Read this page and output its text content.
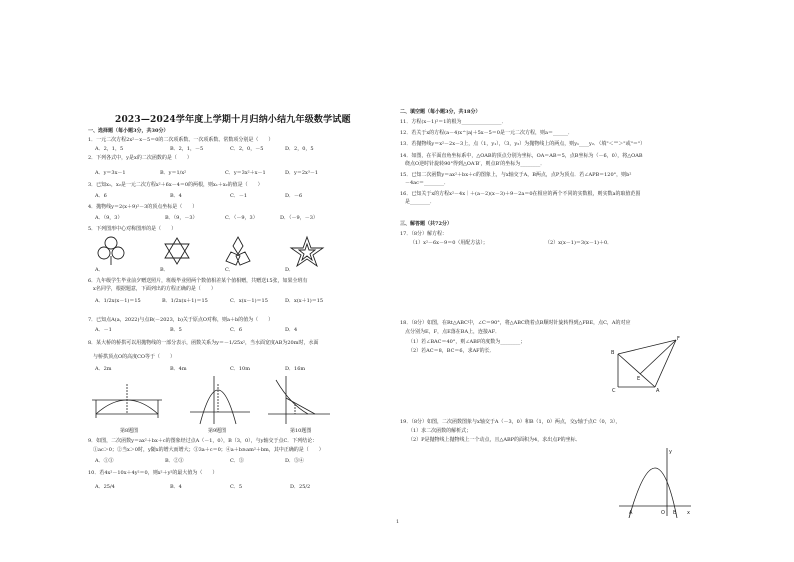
2023—2024学年度上学期十月归纳小结九年级数学试题
一、选择题（每小题3分，共30分）
1．一元二次方程2x²－x－5＝0的二次项系数、一次项系数、常数项分别是（　　）
A．2，1，5	B．2，1，－5	C．2，0，－5	D．2，0，5
2．下列各式中，y是x的二次函数的是（　　）
A．y＝3x－1	B．y＝1/x²	C．y＝3x²＋x－1	D．y＝2x³－1
3．已知x₁，x₂是一元二次方程x²＋6x－4＝0的两根，则x₁＋x₂的值是（　　）
A．6	B．4	C．－1	D．－6
4．抛物线y＝2(x＋9)²－3的顶点坐标是（　　）
A．（9，3）	B．（9，－3）	C．（－9，3）	D．（－9，－3）
5．下列图形中心对称图形的是（　　）
A．	B．	C．	D．
6．九年级学生毕业前夕赠送照片，班级毕业照两个数值相差某个值相赠，共赠送15张，如果全班有
　x名同学，根据题意，下面列出的方程正确的是（　　）
A．1/2x(x－1)＝15	B．1/2x(x＋1)＝15	C．x(x－1)＝15	D．x(x＋1)＝15
7．已知点A(a，2022)与点B(－2023，b)关于原点O对称，则a＋b的值为（　　）
A．－1	B．5	C．6	D．4
8．某大桥的桥拱可以用抛物线的一部分表示，函数关系为y＝－1/25x²，当水面宽度AB为20m时，水面
　与桥拱顶点O的高度CO等于（　　）
A．2m	B．4m	C．10m	D．16m
第8题图	第9题图	第10题图
9．如图，二次函数y＝ax²＋bx＋c的图象经过点A（－1，0），B（3，0），与y轴交于点C．下列结论：
　①ac＞0；②当x＞0时，y随x的增大而增大；③3a＋c＝0；④a＋b≥am²＋bm，其中正确的是（　　）
A．①③	B．②③	C．③	D．③④
10．若4x²－10x＋4y²＝0，则x²＋y²的最大值为（　　）
A．25/4	B．4	C．5	D．25/2
二、填空题（每小题3分，共18分）
11．方程(x－1)²＝1的根为________________．
12．若关于x的方程(a－4)x^|a|＋5x－5＝0是一元二次方程，则a＝______．
13．若抛物线y＝x²－2x－3上，点（1，y₁），（3，y₂）为抛物线上的两点，则y₁____y₂．（填"＜""＞"或"＝"）
14．如图，在平面直角坐标系中，△OAB的顶点分别为坐标，OA＝AB＝5，点B坐标为（－6，0），将△OAB
　绕点O逆时针旋转90°得到△OA′B′，则点B′的坐标为________．
15．已知二次函数y＝ax²＋bx＋c的图象上，与x轴交于A，B两点，点P为顶点．若∠APB＝120°，则b²
　－4ac＝________．
16．已知关于x的方程x²－4x｜＋(a－2)(x－3)＋9－2a＝0在相应的两个不同的实数根，则实数a的取值范围
　是________．
三、解答题（共72分）
17．（8分）解方程：
（1）x²－6x－9＝0（用配方法）；	（2）x(x－1)＝3(x－1)＋0．
18．（8分）如图，在Rt△ABC中，∠C＝90°，将△ABC绕着点B顺时针旋转得到△FBE，点C，A的对应
　点分别为E，F，点E落在BA上，连接AF．
（1）若∠BAC＝40°，则∠ABF的度数为________；
（2）若AC＝8，BC＝6，求AF的长．	B
F
E
C	A
19．（8分）如图，二次函数图象与x轴交于A（－3，0）和B（1，0）两点，交y轴于点C（0，3），
（1）求二次函数的解析式；
（2）P是抛物线上抛物线上一个动点，且△ABP的面积为4，求出点P的坐标．
y
x
A	O B
1
